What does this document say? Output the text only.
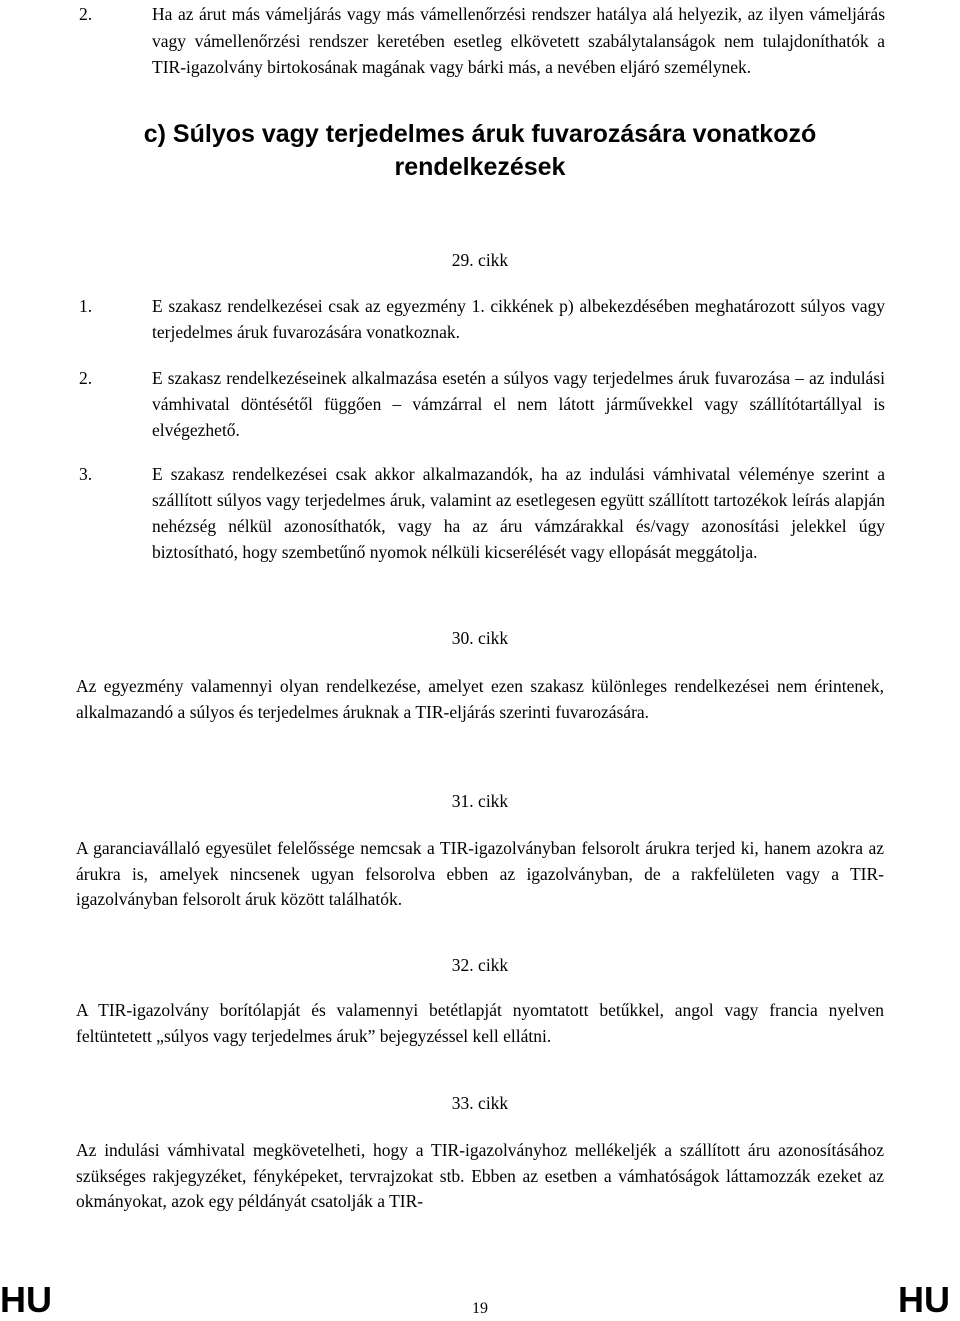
2.	Ha az árut más vámeljárás vagy más vámellenőrzési rendszer hatálya alá helyezik, az ilyen vámeljárás vagy vámellenőrzési rendszer keretében esetleg elkövetett szabálytalanságok nem tulajdoníthatók a TIR-igazolvány birtokosának magának vagy bárki más, a nevében eljáró személynek.
c) Súlyos vagy terjedelmes áruk fuvarozására vonatkozó rendelkezések
29. cikk
1.	E szakasz rendelkezései csak az egyezmény 1. cikkének p) albekezdésében meghatározott súlyos vagy terjedelmes áruk fuvarozására vonatkoznak.
2.	E szakasz rendelkezéseinek alkalmazása esetén a súlyos vagy terjedelmes áruk fuvarozása – az indulási vámhivatal döntésétől függően – vámzárral el nem látott járművekkel vagy szállítótartállyal is elvégezhető.
3.	E szakasz rendelkezései csak akkor alkalmazandók, ha az indulási vámhivatal véleménye szerint a szállított súlyos vagy terjedelmes áruk, valamint az esetlegesen együtt szállított tartozékok leírás alapján nehézség nélkül azonosíthatók, vagy ha az áru vámzárakkal és/vagy azonosítási jelekkel úgy biztosítható, hogy szembetűnő nyomok nélküli kicserélését vagy ellopását meggátolja.
30. cikk
Az egyezmény valamennyi olyan rendelkezése, amelyet ezen szakasz különleges rendelkezései nem érintenek, alkalmazandó a súlyos és terjedelmes áruknak a TIR-eljárás szerinti fuvarozására.
31. cikk
A garanciavállaló egyesület felelőssége nemcsak a TIR-igazolványban felsorolt árukra terjed ki, hanem azokra az árukra is, amelyek nincsenek ugyan felsorolva ebben az igazolványban, de a rakfelületen vagy a TIR-igazolványban felsorolt áruk között találhatók.
32. cikk
A TIR-igazolvány borítólapját és valamennyi betétlapját nyomtatott betűkkel, angol vagy francia nyelven feltüntetett „súlyos vagy terjedelmes áruk” bejegyzéssel kell ellátni.
33. cikk
Az indulási vámhivatal megkövetelheti, hogy a TIR-igazolványhoz mellékeljék a szállított áru azonosításához szükséges rakjegyzéket, fényképeket, tervrajzokat stb. Ebben az esetben a vámhatóságok láttamozzák ezeket az okmányokat, azok egy példányát csatolják a TIR-
HU	19	HU
